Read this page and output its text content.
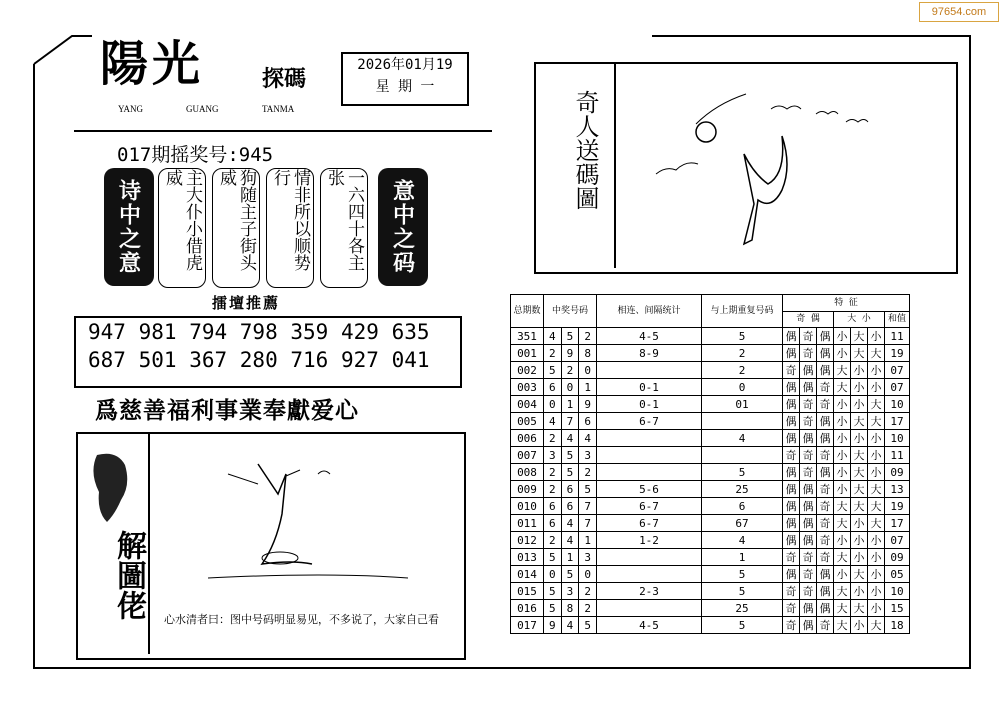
97654.com
陽光	探碼
YANG	GUANG	TANMA
2026年01月19
星 期 一
017期摇奖号:945
诗中之意	主大仆小借虎威	狗随主子街头威	情非所以顺势行	一六四十各主张
意中之码
擂壇推薦
947 981 794 798 359 429 635
687 501 367 280 716 927 041
爲慈善福利事業奉獻爱心
奇人送碼圖
解圖佬 心水清者曰：图中号码明显易见，不多说了，大家自己看
总期数	中奖号码			相连、间隔统计	与上期重复号码	特 征						
						奇 偶			大 小			和值
351	4	5	2	4-5	5	偶	奇	偶	小	大	小	11
001	2	9	8	8-9	2	偶	奇	偶	小	大	大	19
002	5	2	0		2	奇	偶	偶	大	小	小	07
003	6	0	1	0-1	0	偶	偶	奇	大	小	小	07
004	0	1	9	0-1	01	偶	奇	奇	小	小	大	10
005	4	7	6	6-7		偶	奇	偶	小	大	大	17
006	2	4	4		4	偶	偶	偶	小	小	小	10
007	3	5	3			奇	奇	奇	小	大	小	11
008	2	5	2		5	偶	奇	偶	小	大	小	09
009	2	6	5	5-6	25	偶	偶	奇	小	大	大	13
010	6	6	7	6-7	6	偶	偶	奇	大	大	大	19
011	6	4	7	6-7	67	偶	偶	奇	大	小	大	17
012	2	4	1	1-2	4	偶	偶	奇	小	小	小	07
013	5	1	3		1	奇	奇	奇	大	小	小	09
014	0	5	0		5	偶	奇	偶	小	大	小	05
015	5	3	2	2-3	5	奇	奇	偶	大	小	小	10
016	5	8	2		25	奇	偶	偶	大	大	小	15
017	9	4	5	4-5	5	奇	偶	奇	大	小	大	18
